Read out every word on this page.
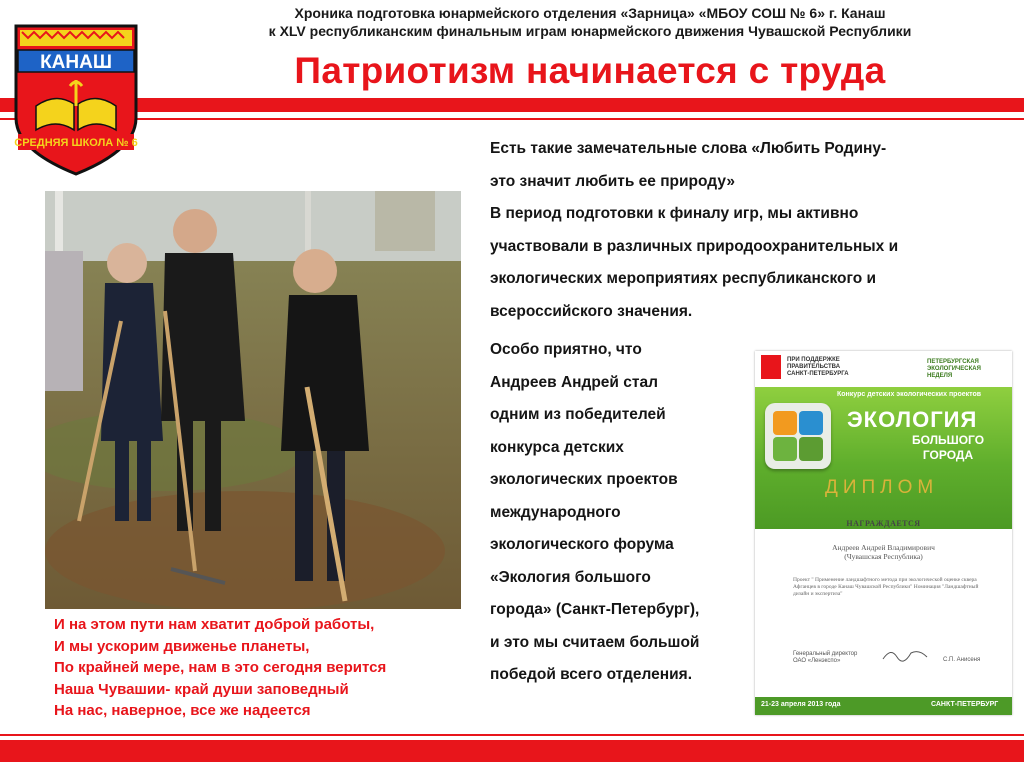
Хроника подготовка юнармейского отделения «Зарница» «МБОУ СОШ № 6» г. Канаш
к XLV республиканским финальным играм юнармейского движения Чувашской Республики
Патриотизм начинается с труда
КАНАШ
СРЕДНЯЯ ШКОЛА № 6	Есть такие замечательные слова «Любить Родину-
это значит любить ее природу»
В период подготовки к финалу игр, мы активно
участвовали в различных природоохранительных и
экологических мероприятиях республиканского и
всероссийского значения.
Особо приятно, что
Андреев Андрей стал
одним из победителей
конкурса детских
экологических проектов
международного
экологического форума
«Экология большого
города» (Санкт-Петербург),
и это мы считаем большой
победой всего отделения.
И на этом пути нам хватит доброй работы,
И мы ускорим движенье планеты,
По крайней мере, нам в это сегодня верится
Наша Чувашии- край души заповедный
На нас, наверное, все же надеется
ПРИ ПОДДЕРЖКЕ ПРАВИТЕЛЬСТВА САНКТ-ПЕТЕРБУРГА
ПЕТЕРБУРГСКАЯ ЭКОЛОГИЧЕСКАЯ НЕДЕЛЯ
Конкурс детских экологических проектов
ЭКОЛОГИЯ
БОЛЬШОГО
ГОРОДА
ДИПЛОМ
НАГРАЖДАЕТСЯ
Андреев Андрей Владимирович
(Чувашская Республика)
Проект " Применение ландшафтного метода при экологической оценке сквера Афганцев в городе Канаш Чувашской Республики" Номинация "Ландшафтный дизайн и экспертиза"
Генеральный директор
ОАО «Ленэкспо»	С.П. Анисеня
21-23 апреля 2013 года	САНКТ-ПЕТЕРБУРГ
